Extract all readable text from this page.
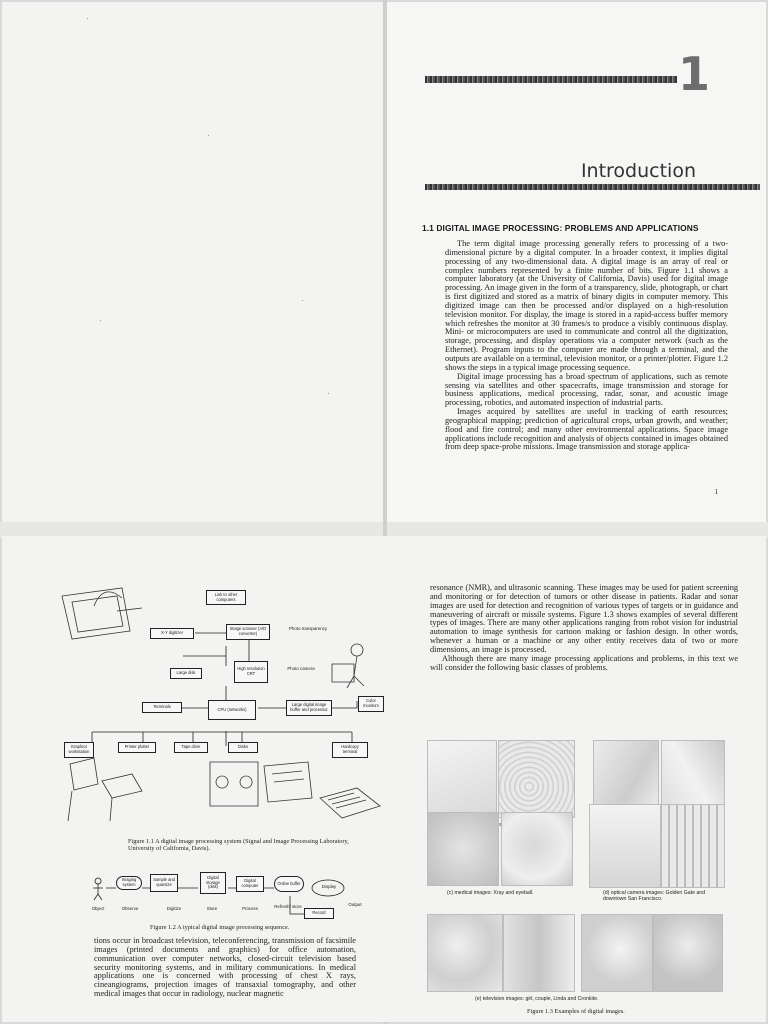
1
Introduction
1.1 DIGITAL IMAGE PROCESSING: PROBLEMS AND APPLICATIONS

The term digital image processing generally refers to processing of a two-dimensional picture by a digital computer. In a broader context, it implies digital processing of any two-dimensional data. A digital image is an array of real or complex numbers represented by a finite number of bits. Figure 1.1 shows a computer laboratory (at the University of California, Davis) used for digital image processing. An image given in the form of a transparency, slide, photograph, or chart is first digitized and stored as a matrix of binary digits in computer memory. This digitized image can then be processed and/or displayed on a high-resolution television monitor. For display, the image is stored in a rapid-access buffer memory which refreshes the monitor at 30 frames/s to produce a visibly continuous display. Mini- or microcomputers are used to communicate and control all the digitization, storage, processing, and display operations via a computer network (such as the Ethernet). Program inputs to the computer are made through a terminal, and the outputs are available on a terminal, television monitor, or a printer/plotter. Figure 1.2 shows the steps in a typical image processing sequence.

Digital image processing has a broad spectrum of applications, such as remote sensing via satellites and other spacecrafts, image transmission and storage for business applications, medical processing, radar, sonar, and acoustic image processing, robotics, and automated inspection of industrial parts.

Images acquired by satellites are useful in tracking of earth resources; geographical mapping; prediction of agricultural crops, urban growth, and weather; flood and fire control; and many other environmental applications. Space image applications include recognition and analysis of objects contained in images obtained from deep space-probe missions. Image transmission and storage applica-

1
Link to other computers
X-Y digitizer
Image scanner (A/D converter)
Photo transparency
Large disk
High resolution CRT
Photo camera
Terminals	CPU (networks)
Large digital image buffer and processor
Color monitors
Graphics workstation
Printer plotter	Tape drive	Disks	Hardcopy terminal
Figure 1.1 A digital image processing system (Signal and Image Processing Laboratory, University of California, Davis).
Imaging system
Sample and quantize
Digital storage (disk)
Digital computer	Online buffer
Display
Output
Record
Object	Observe	Digitize	Store	Process	Refresh/ store
Figure 1.2 A typical digital image processing sequence.

tions occur in broadcast television, teleconferencing, transmission of facsimile images (printed documents and graphics) for office automation, communication over computer networks, closed-circuit television based security monitoring systems, and in military communications. In medical applications one is concerned with processing of chest X rays, cineangiograms, projection images of transaxial tomography, and other medical images that occur in radiology, nuclear magnetic

resonance (NMR), and ultrasonic scanning. These images may be used for patient screening and monitoring or for detection of tumors or other disease in patients. Radar and sonar images are used for detection and recognition of various types of targets or in guidance and maneuvering of aircraft or missile systems. Figure 1.3 shows examples of several different types of images. There are many other applications ranging from robot vision for industrial automation to image synthesis for cartoon making or fashion design. In other words, whenever a human or a machine or any other entity receives data of two or more dimensions, an image is processed.

Although there are many image processing applications and problems, in this text we will consider the following basic classes of problems.

(c) medical images: Xray and eyeball.	(d) optical camera images: Golden Gate and downtown San Francisco.
(e) television images: girl, couple, Linda and Cronkite.
Figure 1.3 Examples of digital images.
